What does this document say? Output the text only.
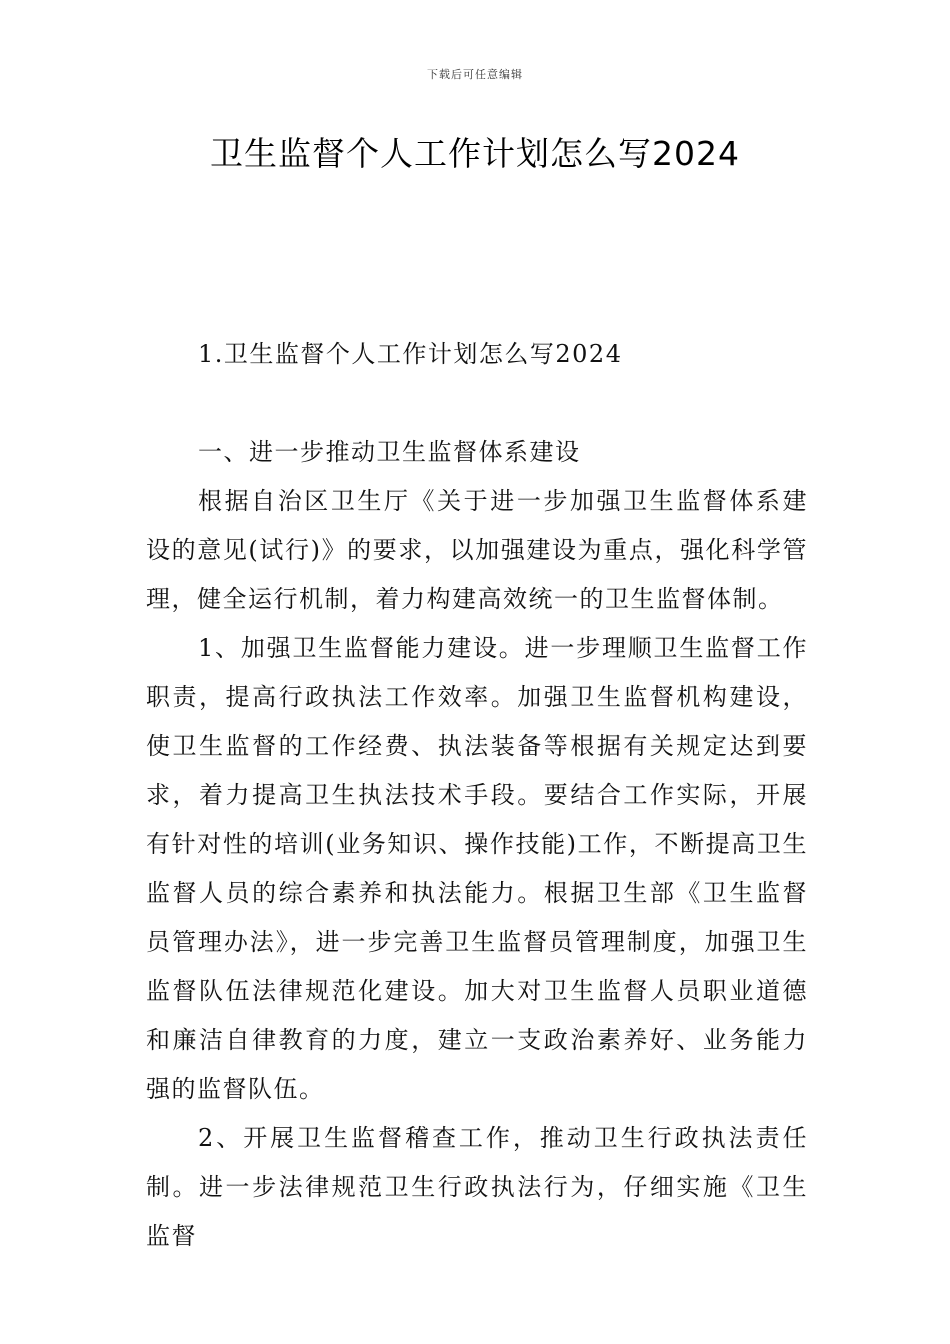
下载后可任意编辑
卫生监督个人工作计划怎么写2024

1.卫生监督个人工作计划怎么写2024

一、进一步推动卫生监督体系建设

根据自治区卫生厅《关于进一步加强卫生监督体系建设的意见(试行)》的要求，以加强建设为重点，强化科学管理，健全运行机制，着力构建高效统一的卫生监督体制。

1、加强卫生监督能力建设。进一步理顺卫生监督工作职责，提高行政执法工作效率。加强卫生监督机构建设，使卫生监督的工作经费、执法装备等根据有关规定达到要求，着力提高卫生执法技术手段。要结合工作实际，开展有针对性的培训(业务知识、操作技能)工作，不断提高卫生监督人员的综合素养和执法能力。根据卫生部《卫生监督员管理办法》，进一步完善卫生监督员管理制度，加强卫生监督队伍法律规范化建设。加大对卫生监督人员职业道德和廉洁自律教育的力度，建立一支政治素养好、业务能力强的监督队伍。

2、开展卫生监督稽查工作，推动卫生行政执法责任制。进一步法律规范卫生行政执法行为，仔细实施《卫生监督
